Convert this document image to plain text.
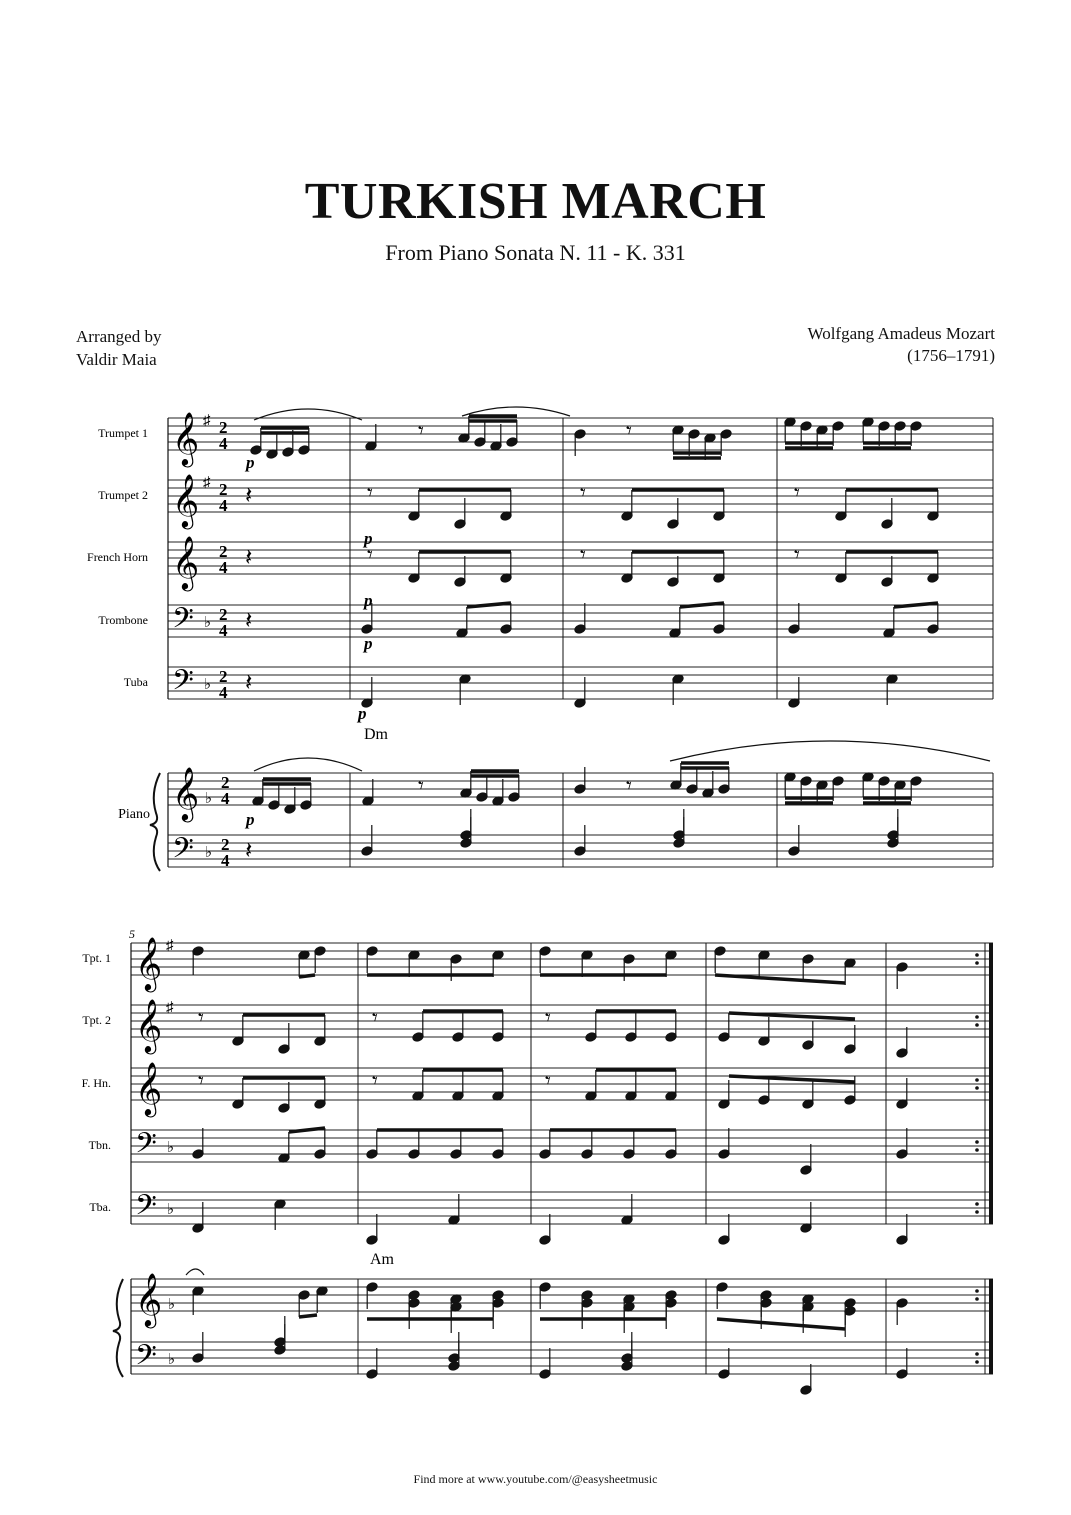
TURKISH MARCH
From Piano Sonata N. 11 - K. 331
Arranged by
Valdir Maia
Wolfgang Amadeus Mozart
(1756–1791)
Trumpet 1
Trumpet 2
French Horn
Trombone
Tuba
Piano
𝄞 ♯ 2
4
𝄞 ♯ 2
4
𝄞 2
4
𝄢 ♭ 2
4
𝄢 ♭ 2
4
𝄞 ♭
2
4
𝄢 ♭ 2
4
p
𝄾	𝄾
𝄽	𝄾	𝄾	𝄾
p
𝄽	𝄾	𝄾	𝄾
p
𝄽
p
𝄽
p
Dm
p
𝄾	𝄾
𝄽
5
Tpt. 1
Tpt. 2
F. Hn.
Tbn.
Tba.
𝄞 ♯
𝄞 ♯
𝄞
𝄢 ♭
𝄢 ♭
𝄞 ♭
𝄢 ♭
𝄾	𝄾	𝄾
𝄾	𝄾	𝄾
Am
Find more at www.youtube.com/@easysheetmusic
